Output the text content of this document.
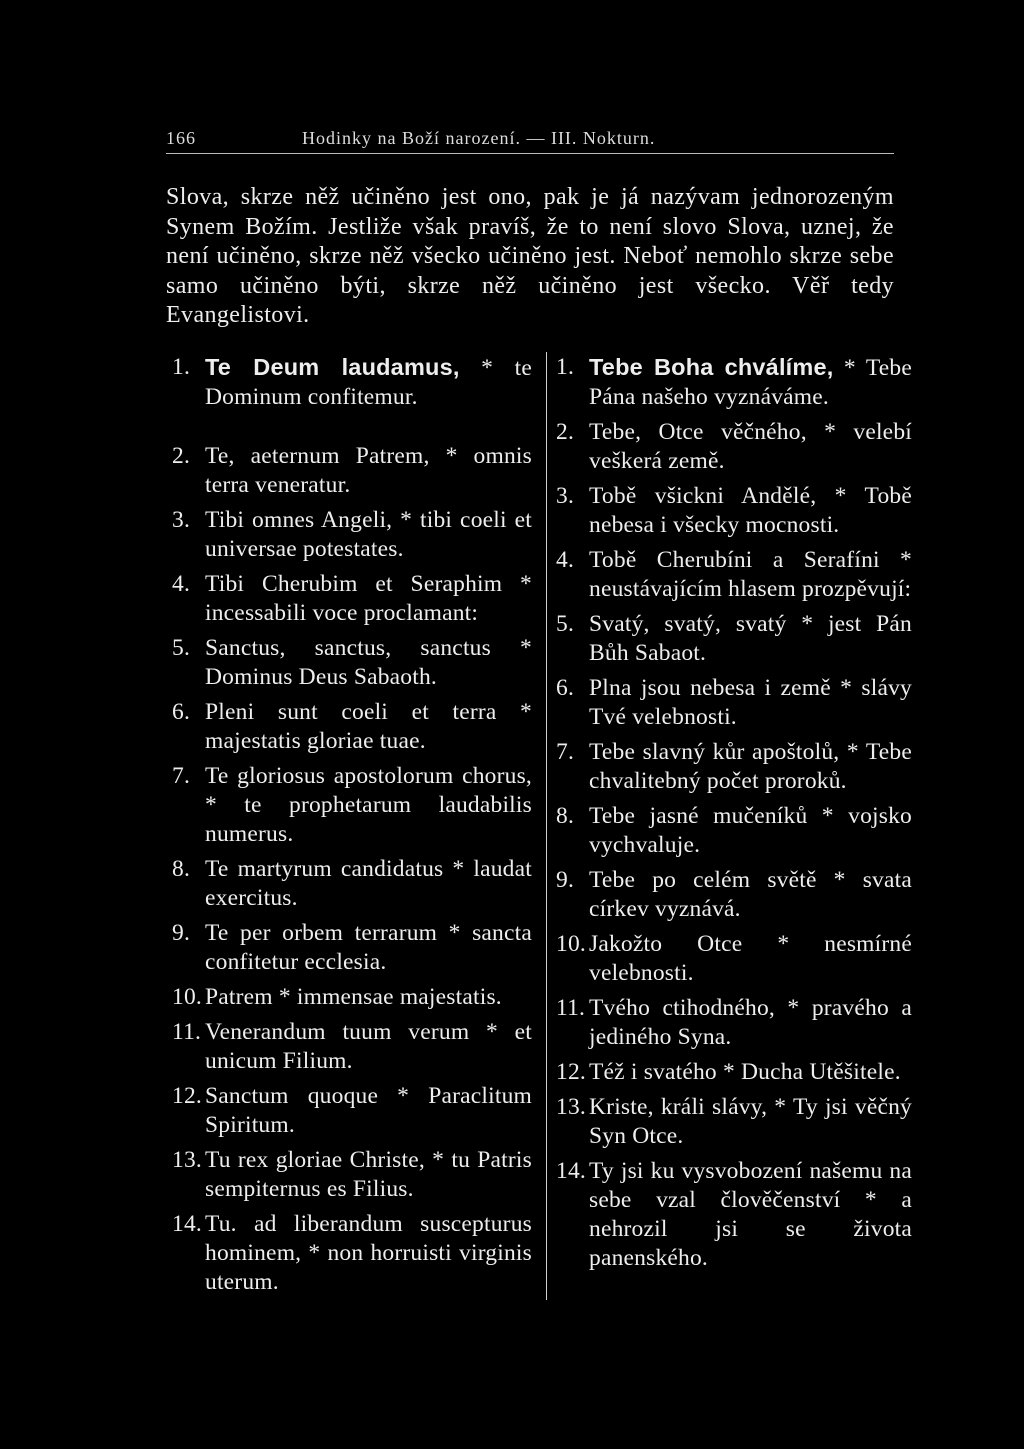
166	Hodinky na Boží narození. — III. Nokturn.

Slova, skrze něž učiněno jest ono, pak je já nazývam jednorozeným Synem Božím. Jestliže však pravíš, že to není slovo Slova, uznej, že není učiněno, skrze něž všecko učiněno jest. Neboť nemohlo skrze sebe samo učiněno býti, skrze něž učiněno jest všecko. Věř tedy Evangelistovi.

1. Te Deum laudamus, * te Dominum confitemur.
2. Te, aeternum Patrem, * omnis terra veneratur.
3. Tibi omnes Angeli, * tibi coeli et universae potestates.
4. Tibi Cherubim et Seraphim * incessabili voce proclamant:
5. Sanctus, sanctus, sanctus * Dominus Deus Sabaoth.
6. Pleni sunt coeli et terra * majestatis gloriae tuae.
7. Te gloriosus apostolorum chorus, * te prophetarum laudabilis numerus.
8. Te martyrum candidatus * laudat exercitus.
9. Te per orbem terrarum * sancta confitetur ecclesia.
10. Patrem * immensae majestatis.
11. Venerandum tuum verum * et unicum Filium.
12. Sanctum quoque * Paraclitum Spiritum.
13. Tu rex gloriae Christe, * tu Patris sempiternus es Filius.
14. Tu. ad liberandum suscepturus hominem, * non horruisti virginis uterum.
1. Tebe Boha chválíme, * Tebe Pána našeho vyznáváme.
2. Tebe, Otce věčného, * velebí veškerá země.
3. Tobě všickni Andělé, * Tobě nebesa i všecky mocnosti.
4. Tobě Cherubíni a Serafíni * neustávajícím hlasem prozpěvují:
5. Svatý, svatý, svatý * jest Pán Bůh Sabaot.
6. Plna jsou nebesa i země * slávy Tvé velebnosti.
7. Tebe slavný kůr apoštolů, * Tebe chvalitebný počet proroků.
8. Tebe jasné mučeníků * vojsko vychvaluje.
9. Tebe po celém světě * svata církev vyznává.
10. Jakožto Otce * nesmírné velebnosti.
11. Tvého ctihodného, * pravého a jediného Syna.
12. Též i svatého * Ducha Utěšitele.
13. Kriste, králi slávy, * Ty jsi věčný Syn Otce.
14. Ty jsi ku vysvobození našemu na sebe vzal člověčenství * a nehrozil jsi se života panenského.
